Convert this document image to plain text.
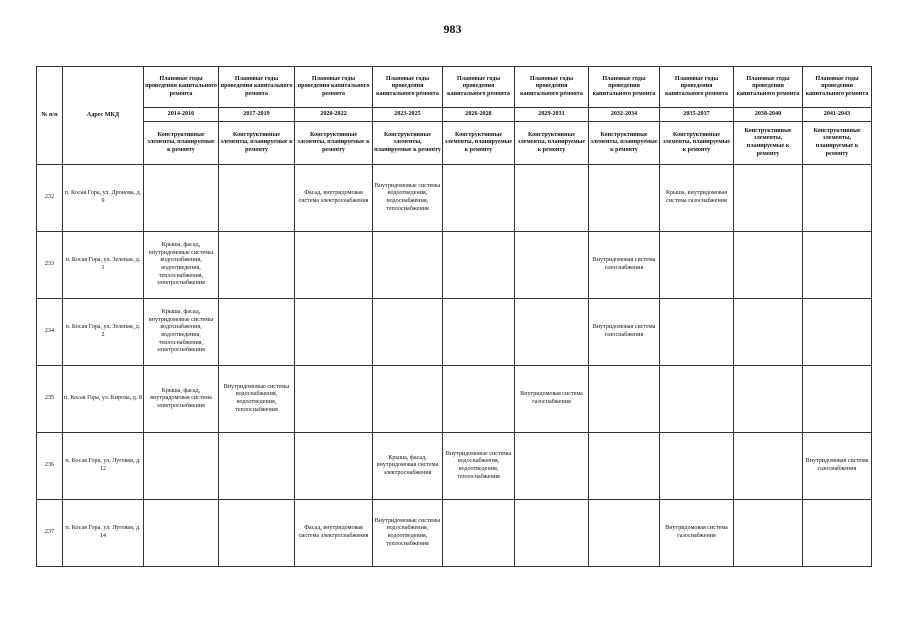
983
№ п/п	Адрес МКД	Плановые годы проведения капитального ремонта	Плановые годы проведения капитального ремонта	Плановые годы проведения капитального ремонта	Плановые годы проведения капитального ремонта	Плановые годы проведения капитального ремонта	Плановые годы проведения капитального ремонта	Плановые годы проведения капитального ремонта	Плановые годы проведения капитального ремонта	Плановые годы проведения капитального ремонта	Плановые годы проведения капитального ремонта
		2014-2016	2017-2019	2020-2022	2023-2025	2026-2028	2029-2031	2032-2034	2035-2037	2038-2040	2041-2043
		Конструктивные элементы, планируемые к ремонту	Конструктивные элементы, планируемые к ремонту	Конструктивные элементы, планируемые к ремонту	Конструктивные элементы, планируемые к ремонту	Конструктивные элементы, планируемые к ремонту	Конструктивные элементы, планируемые к ремонту	Конструктивные элементы, планируемые к ремонту	Конструктивные элементы, планируемые к ремонту	Конструктивные элементы, планируемые к ремонту	Конструктивные элементы, планируемые к ремонту
232	п. Косая Гора, ул. Дронова, д. 9			Фасад, внутридомовая система электроснабжения	Внутридомовые системы водоотведения, водоснабжения, теплоснабжения				Крыша, внутридомовая система газоснабжения		
233	п. Косая Гора, ул. Зеленая, д. 1	Крыша, фасад, внутридомовые системы водоснабжения, водоотведения, теплоснабжения, электроснабжения						Внутридомовая система газоснабжения			
234	п. Косая Гора, ул. Зеленая, д. 2	Крыша, фасад, внутридомовые системы водоснабжения, водоотведения, теплоснабжения, электроснабжения						Внутридомовая система газоснабжения			
235	п. Косая Гора, ул. Кирова, д. 8	Крыша, фасад, внутридомовая система электроснабжения	Внутридомовые системы водоснабжения, водоотведения, теплоснабжения				Внутридомовая система газоснабжения				
236	п. Косая Гора, ул. Луговая, д. 12				Крыша, фасад, внутридомовая система электроснабжения	Внутридомовые системы водоснабжения, водоотведения, теплоснабжения					Внутридомовая система газоснабжения
237	п. Косая Гора, ул. Луговая, д. 14			Фасад, внутридомовая система электроснабжения	Внутридомовые системы водоснабжения, водоотведения, теплоснабжения				Внутридомовая система газоснабжения		
